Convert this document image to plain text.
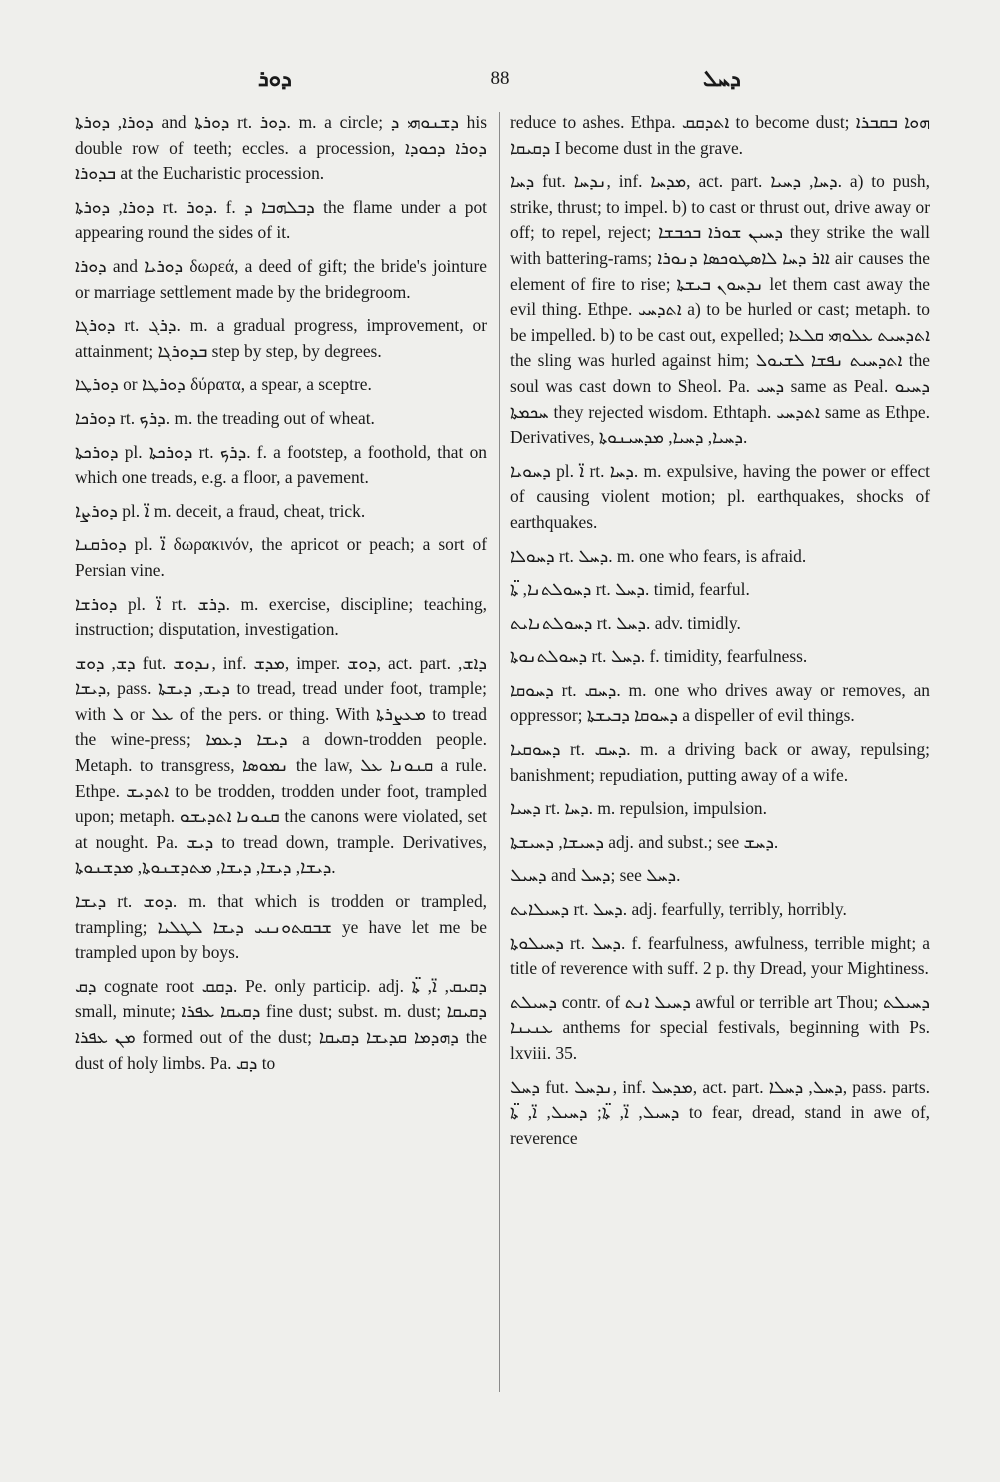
ܕܘܪ	88	ܕܚܠ

ܕܘܪܐ, ܕܘܪܬܐ and ܕܘܪܬܐ rt. ܕܘܪ. m. a circle; ܕܫܢܘܗܝ ܕ his double row of teeth; eccles. a procession, ܕܘܪܐ ܕܟܘܕܐ ܒܕܘܪܐ at the Eucharistic procession.

ܕܘܪܐ, ܕܘܪܬܐ rt. ܕܘܪ. f. ܕܒܠܗܒܐ ܕ the flame under a pot appearing round the sides of it.

ܕܘܪܐ and ܕܘܪܝܐ δωρεά, a deed of gift; the bride's jointure or marriage settlement made by the bridegroom.

ܕܘܪܓܐ rt. ܕܪܓ. m. a gradual progress, improvement, or attainment; ܒܕܘܪܓܐ step by step, by degrees.

ܕܘܪܛܐ or ܕܘܪܛܐ δύρατα, a spear, a sceptre.

ܕܘܪܟܐ rt. ܕܪܟ. m. the treading out of wheat.

ܕܘܪܟܬܐ pl. ܕܘܪܟܬܐ rt. ܕܪܟ. f. a footstep, a foothold, that on which one treads, e.g. a floor, a pavement.

ܕܘܪܨܐ pl. ܐ̈ m. deceit, a fraud, cheat, trick.

ܕܘܪܩܢܐ pl. ܐ̈ δωρακινόν, the apricot or peach; a sort of Persian vine.

ܕܘܪܫܐ pl. ܐ̈ rt. ܕܪܫ. m. exercise, discipline; teaching, instruction; disputation, investigation.

ܕܫ, ܕܘܫ fut. ܢܕܘܫ, inf. ܡܕܫ, imper. ܕܘܫ, act. part. ܕܐܫ, ܕܝܫܐ, pass. ܕܝܫ, ܕܝܫܬܐ to tread, tread under foot, trample; with ܠ or ܥܠ of the pers. or thing. With ܡܥܨܪܬܐ to tread the wine-press; ܕܝܫܐ ܕܥܡܐ a down-trodden people. Metaph. to transgress, ܢܡܘܣܐ the law, ܩܢܘܢܐ ܥܠ a rule. Ethpe. ܐܬܕܝܫ to be trodden, trodden under foot, trampled upon; metaph. ܩܢܘܢܐ ܐܬܕܝܫܘ the canons were violated, set at nought. Pa. ܕܝܫ to tread down, trample. Derivatives, ܕܝܫܐ, ܕܝܫܐ, ܕܝܫܐ, ܡܬܕܫܢܘܬܐ, ܡܕܫܢܘܬܐ.

ܕܝܫܐ rt. ܕܘܫ. m. that which is trodden or trampled, trampling; ܫܒܩܬܘܢܢܝ ܕܝܫܐ ܠܛܠܝܐ ye have let me be trampled upon by boys.

ܕܩ cognate root ܕܩܩ. Pe. only particip. adj. ܕܩܝܩ, ܐ̈, ܬܐ̈ small, minute; ܕܩܝܩܐ ܥܦܪܐ fine dust; subst. m. dust; ܕܩܝܩܐ ܡܢ ܥܦܪܐ formed out of the dust; ܕܗܕܡܐ ܩܕܝܫܐ ܕܩܝܩܐ the dust of holy limbs. Pa. ܕܩ to

reduce to ashes. Ethpa. ܐܬܕܩܩ to become dust; ܗܘܐ ܒܩܒܪܐ ܕܩܝܩܐ I become dust in the grave.

ܕܚܐ fut. ܢܕܚܐ, inf. ܡܕܚܐ, act. part. ܕܚܐ, ܕܚܝܐ. a) to push, strike, thrust; to impel. b) to cast or thrust out, drive away or off; to repel, reject; ܕܚܝܢ ܫܘܪܐ ܒܟܒܫܐ they strike the wall with battering-rams; ܐܐܪ ܕܚܐ ܠܐܣܛܘܟܣܐ ܕܢܘܪܐ air causes the element of fire to rise; ܢܕܚܘܢ ܒܝܫܬܐ let them cast away the evil thing. Ethpe. ܐܬܕܚܝ a) to be hurled or cast; metaph. to be impelled. b) to be cast out, expelled; ܐܬܕܚܝܬ ܥܠܘܗܝ ܩܠܥܐ the sling was hurled against him; ܐܬܕܚܝܬ ܢܦܫܐ ܠܫܝܘܠ the soul was cast down to Sheol. Pa. ܕܚܝ same as Peal. ܕܚܝܘ ܚܟܡܬܐ they rejected wisdom. Ethtaph. ܐܬܕܚܝ same as Ethpe. Derivatives, ܕܚܝܐ, ܕܚܝܐ, ܡܕܚܝܢܘܬܐ.

ܕܚܘܝܐ pl. ܐ̈ rt. ܕܚܐ. m. expulsive, having the power or effect of causing violent motion; pl. earthquakes, shocks of earthquakes.

ܕܚܘܠܐ rt. ܕܚܠ. m. one who fears, is afraid.

ܕܚܘܠܬܢܐ, ܬܐ̈ rt. ܕܚܠ. timid, fearful.

ܕܚܘܠܬܢܐܝܬ rt. ܕܚܠ. adv. timidly.

ܕܚܘܠܬܢܘܬܐ rt. ܕܚܠ. f. timidity, fearfulness.

ܕܚܘܩܐ rt. ܕܚܩ. m. one who drives away or removes, an oppressor; ܕܚܘܩܐ ܕܒܝܫܬܐ a dispeller of evil things.

ܕܚܘܩܝܐ rt. ܕܚܩ. m. a driving back or away, repulsing; banishment; repudiation, putting away of a wife.

ܕܚܝܐ rt. ܕܚܐ. m. repulsion, impulsion.

ܕܚܝܫܐ, ܕܚܝܫܬܐ adj. and subst.; see ܕܚܫ.

ܕܚܝܠ and ܕܚܠ; see ܕܚܠ.

ܕܚܝܠܐܝܬ rt. ܕܚܠ. adj. fearfully, terribly, horribly.

ܕܚܝܠܘܬܐ rt. ܕܚܠ. f. fearfulness, awfulness, terrible might; a title of reverence with suff. 2 p. thy Dread, your Mightiness.

ܕܚܝܠܬ contr. of ܕܚܝܠ ܐܢܬ awful or terrible art Thou; ܕܚܝܠܬ ܥܢܝܢܐ anthems for special festivals, beginning with Ps. lxviii. 35.

ܕܚܠ fut. ܢܕܚܠ, inf. ܡܕܚܠ, act. part. ܕܚܠ, ܕܚܠܐ, pass. parts. ܕܚܝܠ, ܐ̈, ܬܐ̈; ܕܚܝܠ, ܐ̈, ܬܐ̈ to fear, dread, stand in awe of, reverence
